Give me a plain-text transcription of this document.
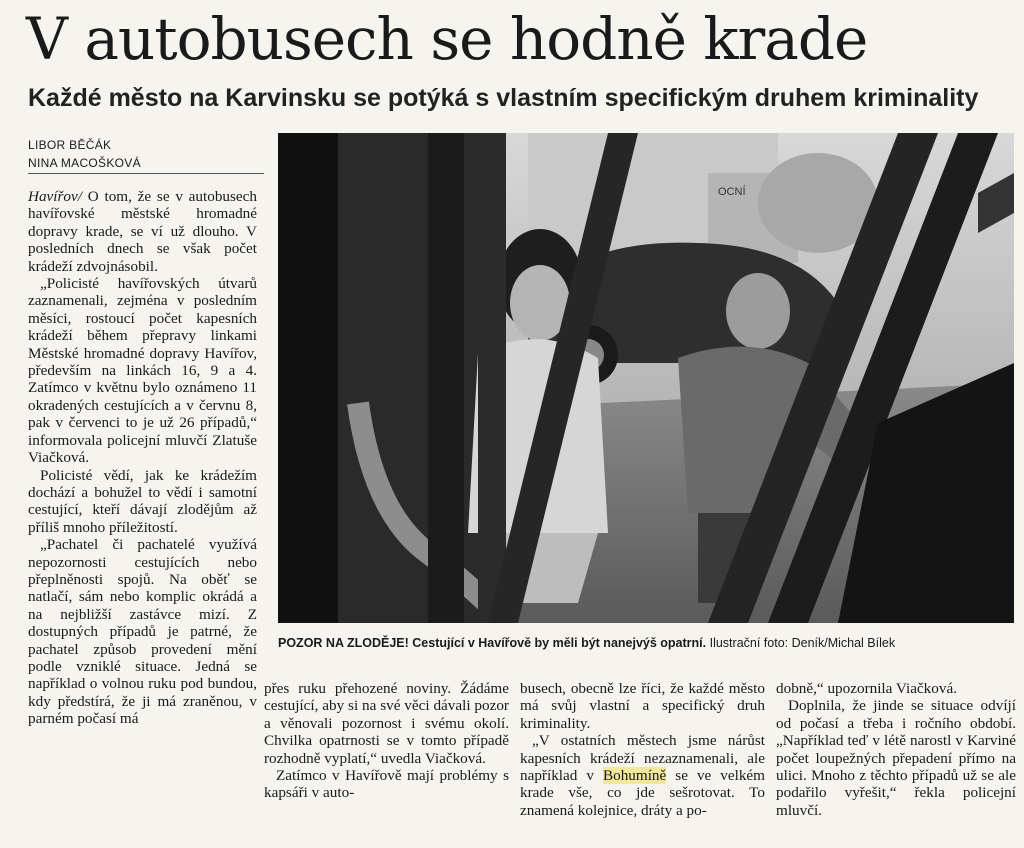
V autobusech se hodně krade
Každé město na Karvinsku se potýká s vlastním specifickým druhem kriminality

LIBOR BĚČÁK

NINA MACOŠKOVÁ

Havířov/ O tom, že se v autobusech havířovské městské hromadné dopravy krade, se ví už dlouho. V posledních dnech se však počet krádeží zdvojnásobil.

„Policisté havířovských útvarů zaznamenali, zejména v posledním měsíci, rostoucí počet kapesních krádeží během přepravy linkami Městské hromadné dopravy Havířov, především na linkách 16, 9 a 4. Zatímco v květnu bylo oznámeno 11 okradených cestujících a v červnu 8, pak v červenci to je už 26 případů,“ informovala policejní mluvčí Zlatuše Viačková.

Policisté vědí, jak ke krádežím dochází a bohužel to vědí i samotní cestující, kteří dávají zlodějům až příliš mnoho příležitostí.

„Pachatel či pachatelé využívá nepozornosti cestujících nebo přeplněnosti spojů. Na oběť se natlačí, sám nebo komplic okrádá a na nejbližší zastávce mizí. Z dostupných případů je patrné, že pachatel způsob provedení mění podle vzniklé situace. Jedná se například o volnou ruku pod bundou, kdy předstírá, že ji má zraněnou, v parném počasí má

OCNÍ

POZOR NA ZLODĚJE! Cestující v Havířově by měli být nanejvýš opatrní. Ilustrační foto: Deník/Michal Bílek

přes ruku přehozené noviny. Žádáme cestující, aby si na své věci dávali pozor a věnovali pozornost i svému okolí. Chvilka opatrnosti se v tomto případě rozhodně vyplatí,“ uvedla Viačková.

Zatímco v Havířově mají problémy s kapsáři v auto-

busech, obecně lze říci, že každé město má svůj vlastní a specifický druh kriminality.

„V ostatních městech jsme nárůst kapesních krádeží nezaznamenali, ale například v Bohumíně se ve velkém krade vše, co jde sešrotovat. To znamená kolejnice, dráty a po-

dobně,“ upozornila Viačková.

Doplnila, že jinde se situace odvíjí od počasí a třeba i ročního období. „Například teď v létě narostl v Karviné počet loupežných přepadení přímo na ulici. Mnoho z těchto případů už se ale podařilo vyřešit,“ řekla policejní mluvčí.
